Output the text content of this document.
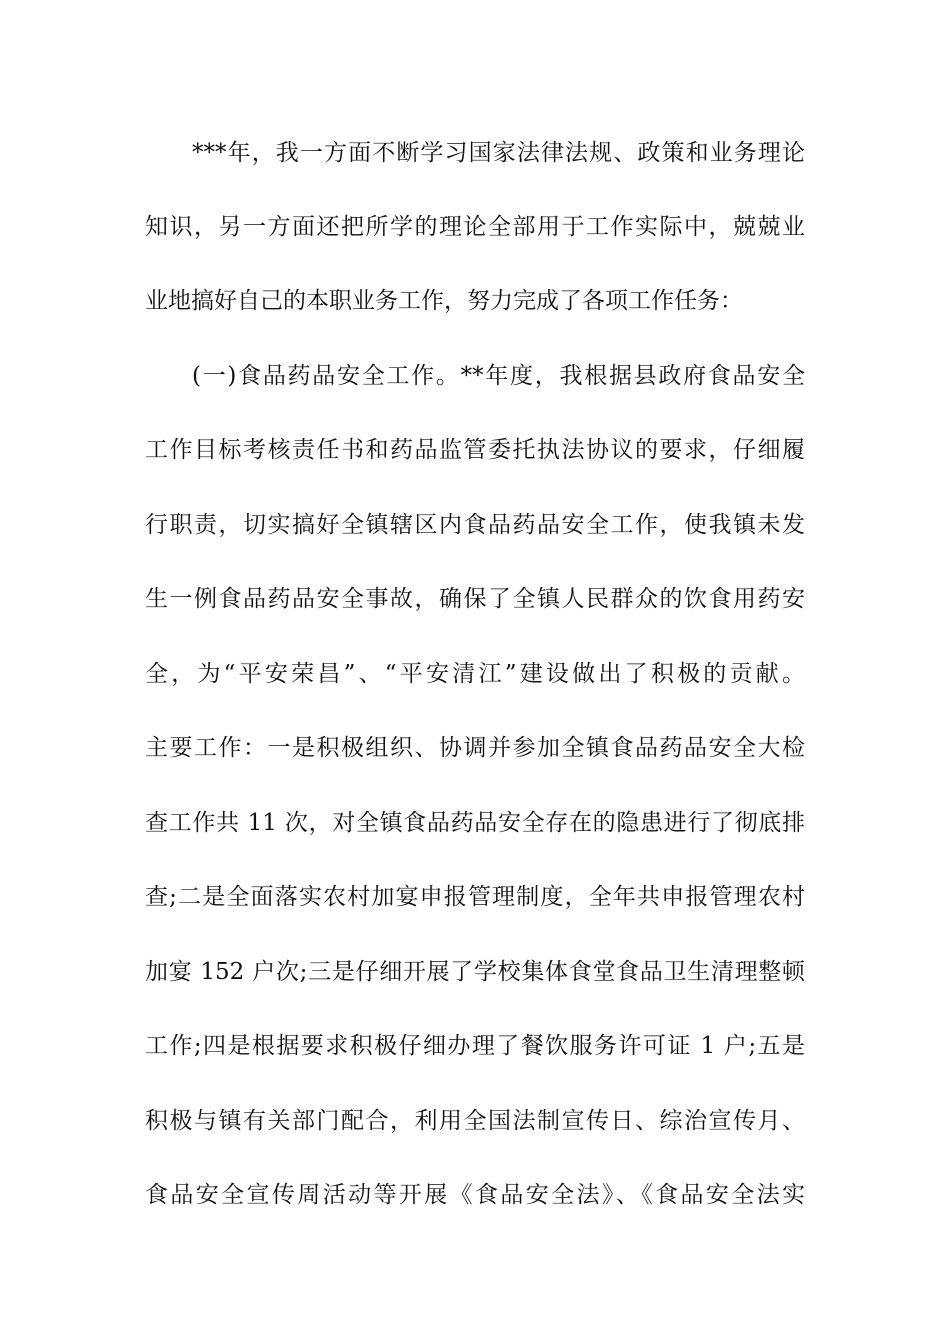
***年，我一方面不断学习国家法律法规、政策和业务理论
知识，另一方面还把所学的理论全部用于工作实际中，兢兢业
业地搞好自己的本职业务工作，努力完成了各项工作任务：
(一)食品药品安全工作。**年度，我根据县政府食品安全
工作目标考核责任书和药品监管委托执法协议的要求，仔细履
行职责，切实搞好全镇辖区内食品药品安全工作，使我镇未发
生一例食品药品安全事故，确保了全镇人民群众的饮食用药安
全，为“平安荣昌”、“平安清江”建设做出了积极的贡献。
主要工作：一是积极组织、协调并参加全镇食品药品安全大检
查工作共 11 次，对全镇食品药品安全存在的隐患进行了彻底排
查;二是全面落实农村加宴申报管理制度，全年共申报管理农村
加宴 152 户次;三是仔细开展了学校集体食堂食品卫生清理整顿
工作;四是根据要求积极仔细办理了餐饮服务许可证 1 户;五是
积极与镇有关部门配合，利用全国法制宣传日、综治宣传月、
食品安全宣传周活动等开展《食品安全法》、《食品安全法实
